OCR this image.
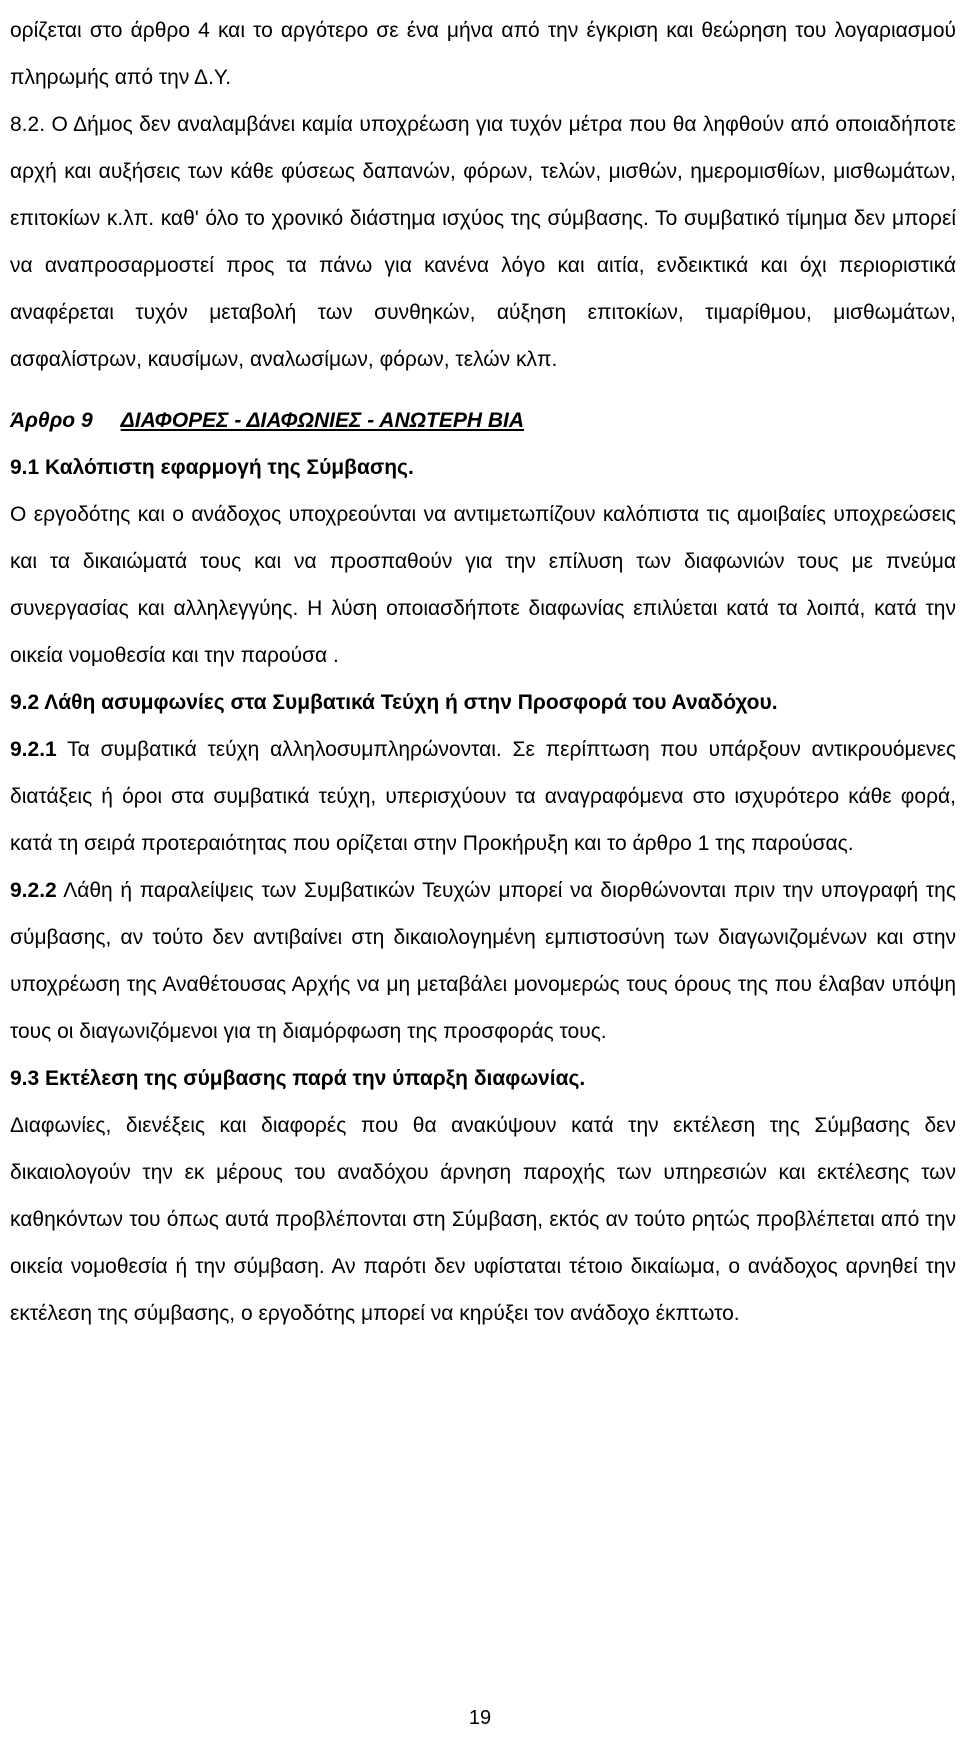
ορίζεται στο άρθρο 4 και το αργότερο σε ένα μήνα από την έγκριση και θεώρηση του λογαριασμού πληρωμής από την Δ.Υ.

8.2. Ο Δήμος δεν αναλαμβάνει καμία υποχρέωση για τυχόν μέτρα που θα ληφθούν από οποιαδήποτε αρχή και αυξήσεις των κάθε φύσεως δαπανών, φόρων, τελών, μισθών, ημερομισθίων, μισθωμάτων, επιτοκίων κ.λπ. καθ' όλο το χρονικό διάστημα ισχύος της σύμβασης. Το συμβατικό τίμημα δεν μπορεί να αναπροσαρμοστεί προς τα πάνω για κανένα λόγο και αιτία, ενδεικτικά και όχι περιοριστικά αναφέρεται τυχόν μεταβολή των συνθηκών, αύξηση επιτοκίων, τιμαρίθμου, μισθωμάτων, ασφαλίστρων, καυσίμων, αναλωσίμων, φόρων, τελών κλπ.

Άρθρο 9 ΔΙΑΦΟΡΕΣ - ΔΙΑΦΩΝΙΕΣ - ΑΝΩΤΕΡΗ ΒΙΑ

9.1 Καλόπιστη εφαρμογή της Σύμβασης.

Ο εργοδότης και ο ανάδοχος υποχρεούνται να αντιμετωπίζουν καλόπιστα τις αμοιβαίες υποχρεώσεις και τα δικαιώματά τους και να προσπαθούν για την επίλυση των διαφωνιών τους με πνεύμα συνεργασίας και αλληλεγγύης. Η λύση οποιασδήποτε διαφωνίας επιλύεται κατά τα λοιπά, κατά την οικεία νομοθεσία και την παρούσα .

9.2 Λάθη ασυμφωνίες στα Συμβατικά Τεύχη ή στην Προσφορά του Αναδόχου.

9.2.1 Τα συμβατικά τεύχη αλληλοσυμπληρώνονται. Σε περίπτωση που υπάρξουν αντικρουόμενες διατάξεις ή όροι στα συμβατικά τεύχη, υπερισχύουν τα αναγραφόμενα στο ισχυρότερο κάθε φορά, κατά τη σειρά προτεραιότητας που ορίζεται στην Προκήρυξη και το άρθρο 1 της παρούσας.

9.2.2 Λάθη ή παραλείψεις των Συμβατικών Τευχών μπορεί να διορθώνονται πριν την υπογραφή της σύμβασης, αν τούτο δεν αντιβαίνει στη δικαιολογημένη εμπιστοσύνη των διαγωνιζομένων και στην υποχρέωση της Αναθέτουσας Αρχής να μη μεταβάλει μονομερώς τους όρους της που έλαβαν υπόψη τους οι διαγωνιζόμενοι για τη διαμόρφωση της προσφοράς τους.

9.3 Εκτέλεση της σύμβασης παρά την ύπαρξη διαφωνίας.

Διαφωνίες, διενέξεις και διαφορές που θα ανακύψουν κατά την εκτέλεση της Σύμβασης δεν δικαιολογούν την εκ μέρους του αναδόχου άρνηση παροχής των υπηρεσιών και εκτέλεσης των καθηκόντων του όπως αυτά προβλέπονται στη Σύμβαση, εκτός αν τούτο ρητώς προβλέπεται από την οικεία νομοθεσία ή την σύμβαση. Αν παρότι δεν υφίσταται τέτοιο δικαίωμα, ο ανάδοχος αρνηθεί την εκτέλεση της σύμβασης, ο εργοδότης μπορεί να κηρύξει τον ανάδοχο έκπτωτο.

19
